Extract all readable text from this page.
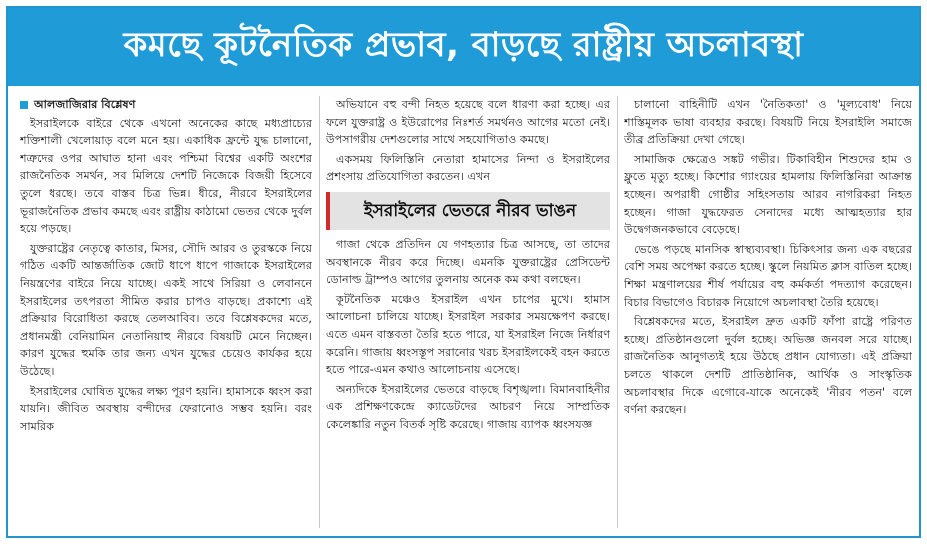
কমছে কূটনৈতিক প্রভাব, বাড়ছে রাষ্ট্রীয় অচলাবস্থা
আলজাজিরার বিশ্লেষণ

ইসরাইলকে বাইরে থেকে এখনো অনেকের কাছে মধ্যপ্রাচ্যের শক্তিশালী খেলোয়াড় বলে মনে হয়। একাধিক ফ্রন্টে যুদ্ধ চালানো, শত্রুদের ওপর আঘাত হানা এবং পশ্চিমা বিশ্বের একটি অংশের রাজনৈতিক সমর্থন, সব মিলিয়ে দেশটি নিজেকে বিজয়ী হিসেবে তুলে ধরছে। তবে বাস্তব চিত্র ভিন্ন। ধীরে, নীরবে ইসরাইলের ভূরাজনৈতিক প্রভাব কমছে এবং রাষ্ট্রীয় কাঠামো ভেতর থেকে দুর্বল হয়ে পড়ছে।

যুক্তরাষ্ট্রের নেতৃত্বে কাতার, মিসর, সৌদি আরব ও তুরস্ককে নিয়ে গঠিত একটি আন্তর্জাতিক জোট ধাপে ধাপে গাজাকে ইসরাইলের নিয়ন্ত্রণের বাইরে নিয়ে যাচ্ছে। একই সাথে সিরিয়া ও লেবাননে ইসরাইলের তৎপরতা সীমিত করার চাপও বাড়ছে। প্রকাশ্যে এই প্রক্রিয়ার বিরোধিতা করছে তেলআবিব। তবে বিশ্লেষকদের মতে, প্রধানমন্ত্রী বেনিয়ামিন নেতানিয়াহু নীরবে বিষয়টি মেনে নিচ্ছেন। কারণ যুদ্ধের হুমকি তার জন্য এখন যুদ্ধের চেয়েও কার্যকর হয়ে উঠেছে।

ইসরাইলের ঘোষিত যুদ্ধের লক্ষ্য পূরণ হয়নি। হামাসকে ধ্বংস করা যায়নি। জীবিত অবস্থায় বন্দীদের ফেরানোও সম্ভব হয়নি। বরং সামরিক

অভিযানে বহু বন্দী নিহত হয়েছে বলে ধারণা করা হচ্ছে। এর ফলে যুক্তরাষ্ট্র ও ইউরোপের নিঃশর্ত সমর্থনও আগের মতো নেই। উপসাগরীয় দেশগুলোর সাথে সহযোগিতাও কমছে।

একসময় ফিলিস্তিনি নেতারা হামাসের নিন্দা ও ইসরাইলের প্রশংসায় প্রতিযোগিতা করতেন। এখন

ইসরাইলের ভেতরে নীরব ভাঙন

গাজা থেকে প্রতিদিন যে গণহত্যার চিত্র আসছে, তা তাদের অবস্থানকে নীরব করে দিচ্ছে। এমনকি যুক্তরাষ্ট্রের প্রেসিডেন্ট ডোনাল্ড ট্রাম্পও আগের তুলনায় অনেক কম কথা বলছেন।

কূটনৈতিক মঞ্চেও ইসরাইল এখন চাপের মুখে। হামাস আলোচনা চালিয়ে যাচ্ছে। ইসরাইল সরকার সময়ক্ষেপণ করছে। এতে এমন বাস্তবতা তৈরি হতে পারে, যা ইসরাইল নিজে নির্ধারণ করেনি। গাজায় ধ্বংসস্তূপ সরানোর খরচ ইসরাইলকেই বহন করতে হতে পারে-এমন কথাও আলোচনায় এসেছে।

অন্যদিকে ইসরাইলের ভেতরে বাড়ছে বিশৃঙ্খলা। বিমানবাহিনীর এক প্রশিক্ষণকেন্দ্রে ক্যাডেটদের আচরণ নিয়ে সাম্প্রতিক কেলেঙ্কারি নতুন বিতর্ক সৃষ্টি করেছে। গাজায় ব্যাপক ধ্বংসযজ্ঞ

চালানো বাহিনীটি এখন 'নৈতিকতা' ও 'মূল্যবোধ' নিয়ে শাস্তিমূলক ভাষা ব্যবহার করছে। বিষয়টি নিয়ে ইসরাইলি সমাজে তীব্র প্রতিক্রিয়া দেখা গেছে।

সামাজিক ক্ষেত্রেও সঙ্কট গভীর। টিকাবিহীন শিশুদের হাম ও ফ্লুতে মৃত্যু হচ্ছে। কিশোর গ্যাংয়ের হামলায় ফিলিস্তিনিরা আক্রান্ত হচ্ছেন। অপরাধী গোষ্ঠীর সহিংসতায় আরব নাগরিকরা নিহত হচ্ছেন। গাজা যুদ্ধফেরত সেনাদের মধ্যে আত্মহত্যার হার উদ্বেগজনকভাবে বেড়েছে।

ভেঙে পড়ছে মানসিক স্বাস্থ্যব্যবস্থা। চিকিৎসার জন্য এক বছরের বেশি সময় অপেক্ষা করতে হচ্ছে। স্কুলে নিয়মিত ক্লাস বাতিল হচ্ছে। শিক্ষা মন্ত্রণালয়ের শীর্ষ পর্যায়ের বহু কর্মকর্তা পদত্যাগ করেছেন। বিচার বিভাগেও বিচারক নিয়োগে অচলাবস্থা তৈরি হয়েছে।

বিশ্লেষকদের মতে, ইসরাইল দ্রুত একটি ফাঁপা রাষ্ট্রে পরিণত হচ্ছে। প্রতিষ্ঠানগুলো দুর্বল হচ্ছে। অভিজ্ঞ জনবল সরে যাচ্ছে। রাজনৈতিক আনুগত্যই হয়ে উঠছে প্রধান যোগ্যতা। এই প্রক্রিয়া চলতে থাকলে দেশটি প্রাতিষ্ঠানিক, আর্থিক ও সাংস্কৃতিক অচলাবস্থার দিকে এগোবে-যাকে অনেকেই 'নীরব পতন' বলে বর্ণনা করছেন।
